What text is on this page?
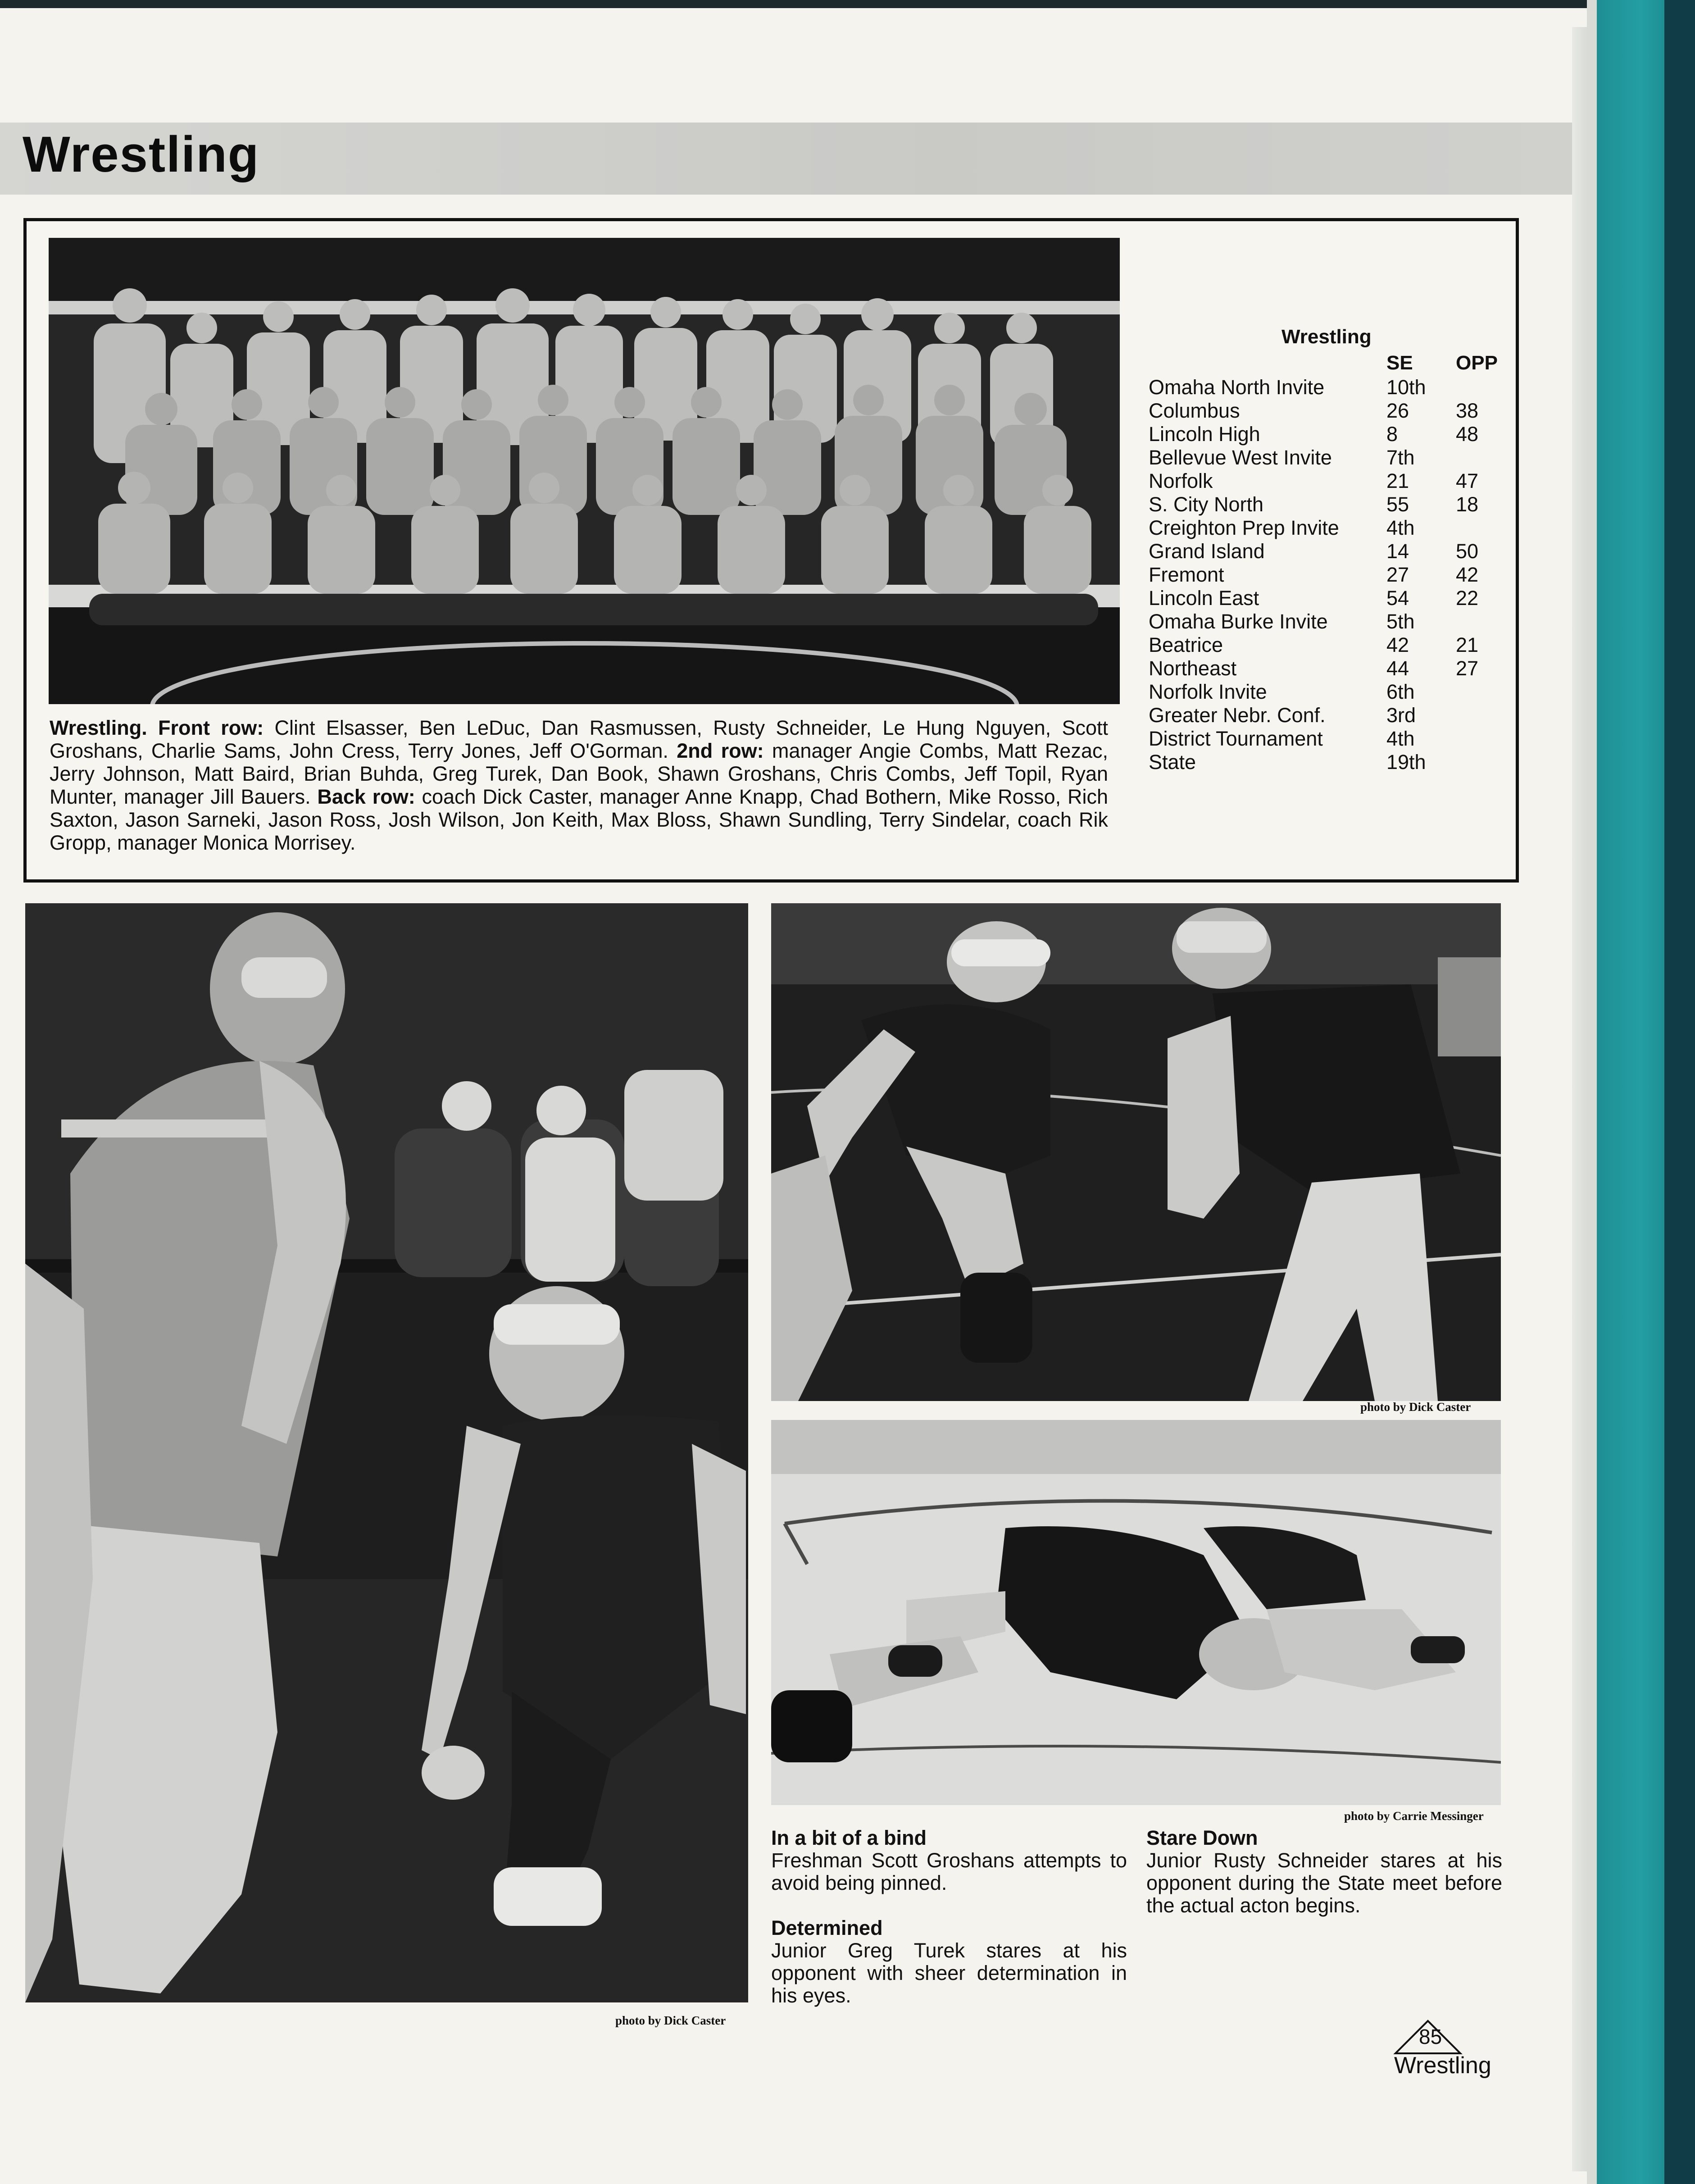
Wrestling
Wrestling. Front row: Clint Elsasser, Ben LeDuc, Dan Rasmussen, Rusty Schneider, Le Hung Nguyen, Scott Groshans, Charlie Sams, John Cress, Terry Jones, Jeff O'Gorman. 2nd row: manager Angie Combs, Matt Rezac, Jerry Johnson, Matt Baird, Brian Buhda, Greg Turek, Dan Book, Shawn Groshans, Chris Combs, Jeff Topil, Ryan Munter, manager Jill Bauers. Back row: coach Dick Caster, manager Anne Knapp, Chad Bothern, Mike Rosso, Rich Saxton, Jason Sarneki, Jason Ross, Josh Wilson, Jon Keith, Max Bloss, Shawn Sundling, Terry Sindelar, coach Rik Gropp, manager Monica Morrisey.
Wrestling
SE OPP
Omaha North Invite	10th
Columbus	26 38
Lincoln High	8	48
Bellevue West Invite	7th
Norfolk	21 47
S. City North	55 18
Creighton Prep Invite 4th
Grand Island	14 50
Fremont	27 42
Lincoln East	54 22
Omaha Burke Invite	5th
Beatrice	42 21
Northeast	44 27
Norfolk Invite	6th
Greater Nebr. Conf.	3rd
District Tournament	4th
State	19th
photo by Dick Caster
photo by Dick Caster
photo by Carrie Messinger
In a bit of a bind
Freshman Scott Groshans attempts to avoid being pinned.
Determined
Junior Greg Turek stares at his opponent with sheer determination in his eyes.
Stare Down
Junior Rusty Schneider stares at his opponent during the State meet before the actual acton begins.
85
Wrestling
